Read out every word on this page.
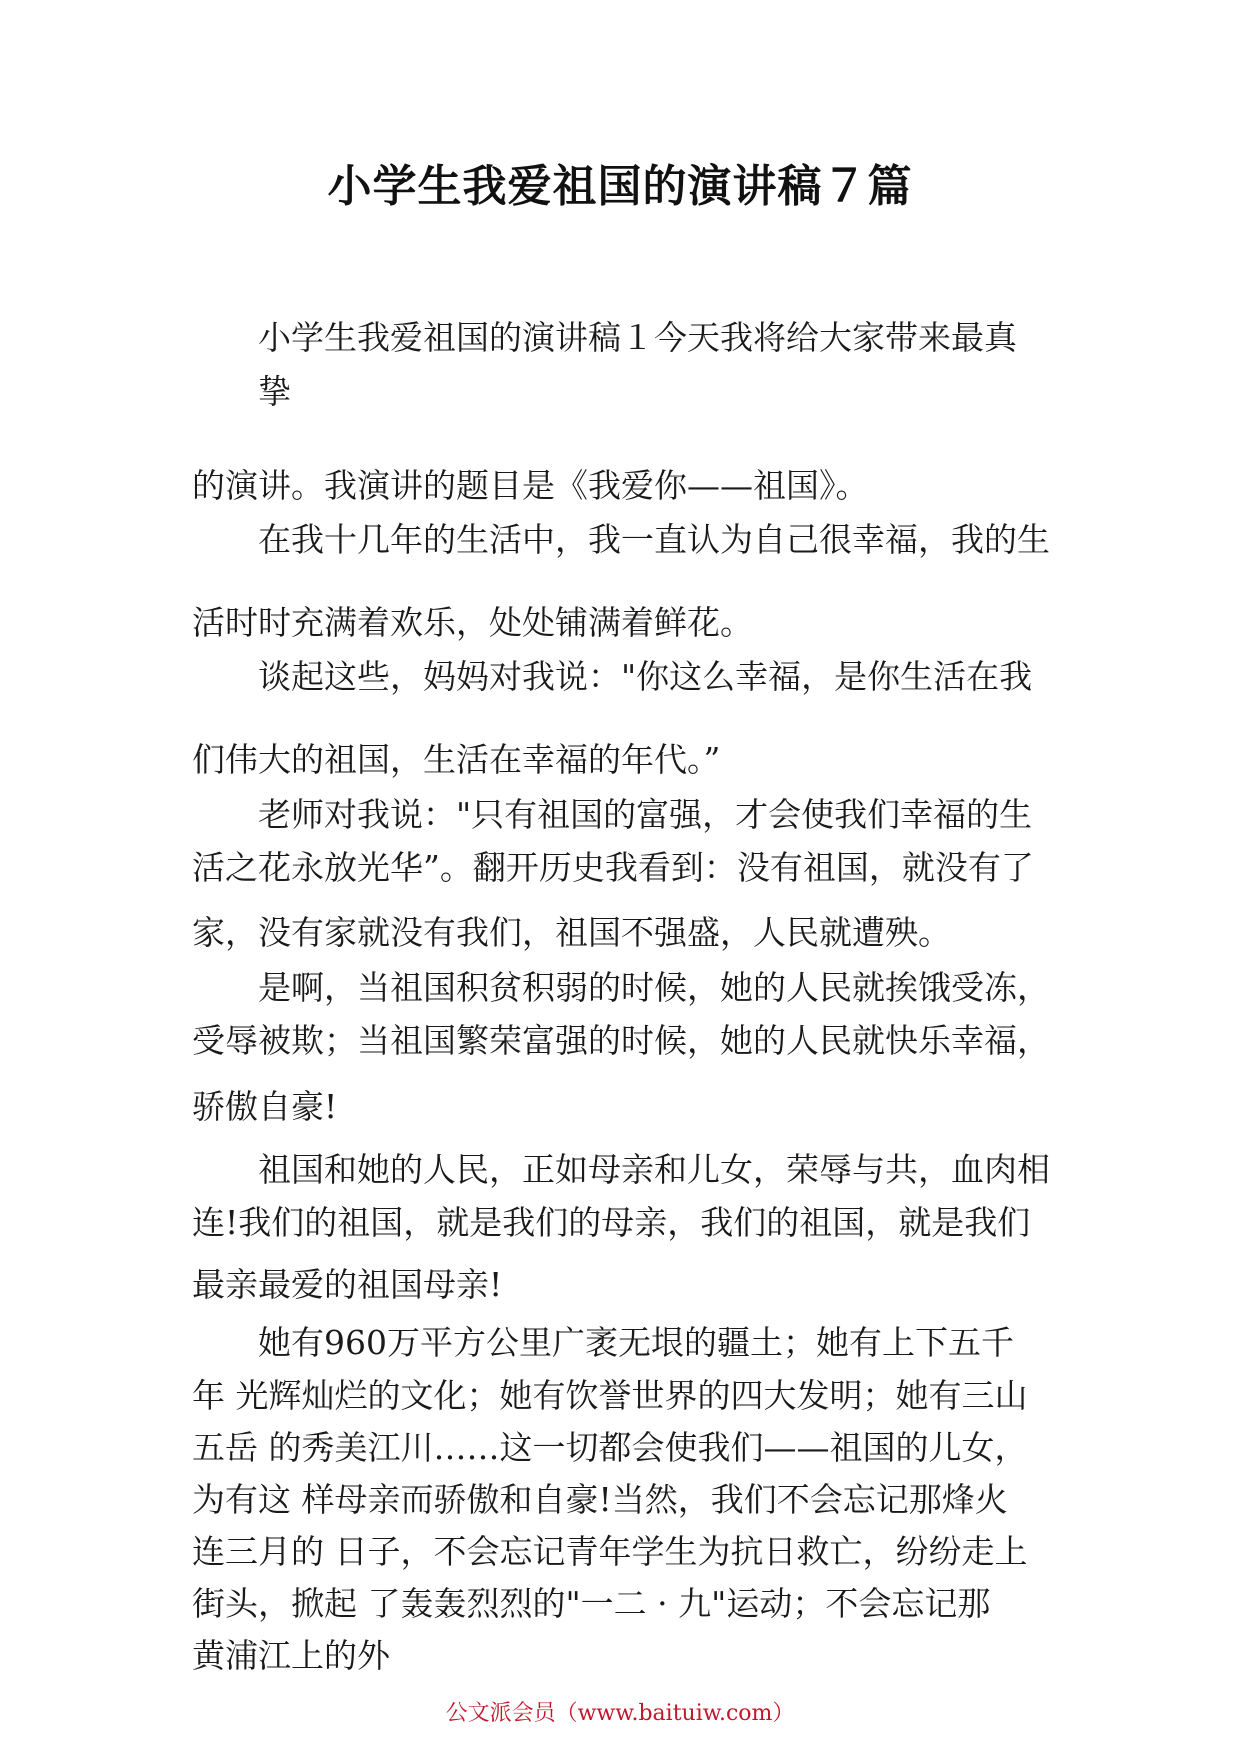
小学生我爱祖国的演讲稿７篇
小学生我爱祖国的演讲稿１今天我将给大家带来最真
挚
的演讲。我演讲的题目是《我爱你——祖国》。
在我十几年的生活中，我一直认为自己很幸福，我的生
活时时充满着欢乐，处处铺满着鲜花。
谈起这些，妈妈对我说："你这么幸福，是你生活在我
们伟大的祖国，生活在幸福的年代。”
老师对我说："只有祖国的富强，才会使我们幸福的生
活之花永放光华”。翻开历史我看到：没有祖国，就没有了
家，没有家就没有我们，祖国不强盛，人民就遭殃。
是啊，当祖国积贫积弱的时候，她的人民就挨饿受冻，
受辱被欺；当祖国繁荣富强的时候，她的人民就快乐幸福，
骄傲自豪!
祖国和她的人民，正如母亲和儿女，荣辱与共，血肉相
连!我们的祖国，就是我们的母亲，我们的祖国，就是我们
最亲最爱的祖国母亲!
她有960万平方公里广袤无垠的疆土；她有上下五千
年 光辉灿烂的文化；她有饮誉世界的四大发明；她有三山
五岳 的秀美江川……这一切都会使我们——祖国的儿女，
为有这 样母亲而骄傲和自豪!当然，我们不会忘记那烽火
连三月的 日子，不会忘记青年学生为抗日救亡，纷纷走上
街头，掀起 了轰轰烈烈的"一二 · 九"运动；不会忘记那
黄浦江上的外
公文派会员（www.baituiw.com）
